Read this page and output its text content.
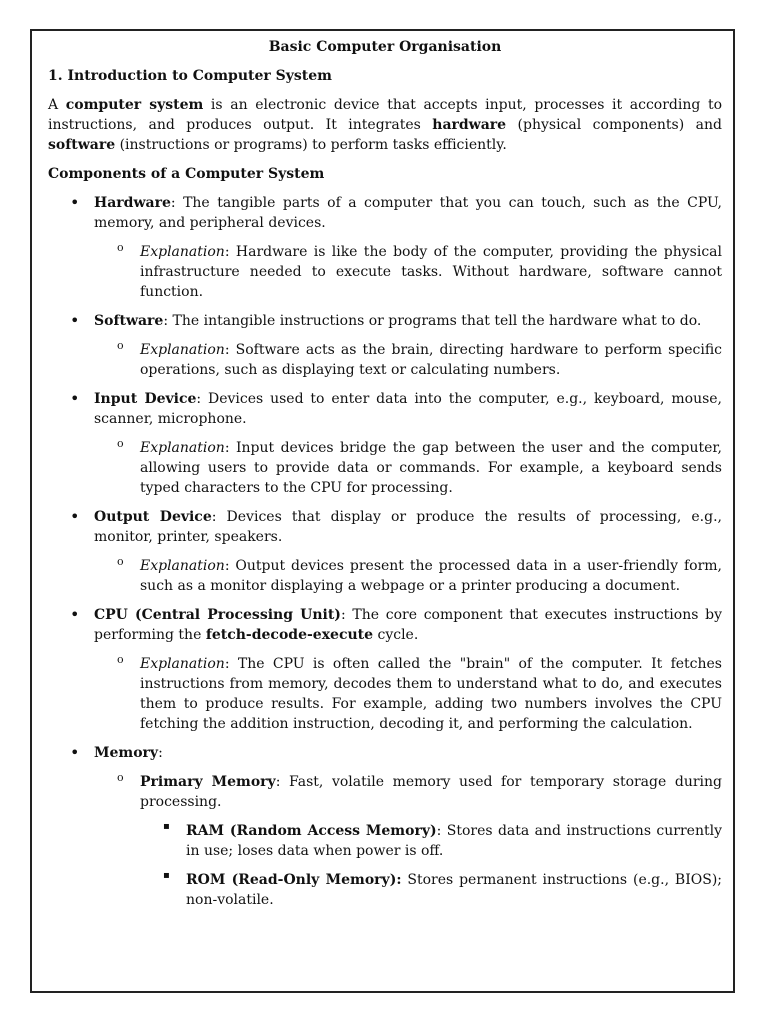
Basic Computer Organisation

1. Introduction to Computer System

A computer system is an electronic device that accepts input, processes it according to instructions, and produces output. It integrates hardware (physical components) and software (instructions or programs) to perform tasks efficiently.

Components of a Computer System

• Hardware: The tangible parts of a computer that you can touch, such as the CPU, memory, and peripheral devices.

o Explanation: Hardware is like the body of the computer, providing the physical infrastructure needed to execute tasks. Without hardware, software cannot function.

• Software: The intangible instructions or programs that tell the hardware what to do.

o Explanation: Software acts as the brain, directing hardware to perform specific operations, such as displaying text or calculating numbers.

• Input Device: Devices used to enter data into the computer, e.g., keyboard, mouse, scanner, microphone.

o Explanation: Input devices bridge the gap between the user and the computer, allowing users to provide data or commands. For example, a keyboard sends typed characters to the CPU for processing.

• Output Device: Devices that display or produce the results of processing, e.g., monitor, printer, speakers.

o Explanation: Output devices present the processed data in a user-friendly form, such as a monitor displaying a webpage or a printer producing a document.

• CPU (Central Processing Unit): The core component that executes instructions by performing the fetch-decode-execute cycle.

o Explanation: The CPU is often called the "brain" of the computer. It fetches instructions from memory, decodes them to understand what to do, and executes them to produce results. For example, adding two numbers involves the CPU fetching the addition instruction, decoding it, and performing the calculation.

• Memory:

o Primary Memory: Fast, volatile memory used for temporary storage during processing.

▪ RAM (Random Access Memory): Stores data and instructions currently in use; loses data when power is off.

▪ ROM (Read-Only Memory): Stores permanent instructions (e.g., BIOS); non-volatile.
